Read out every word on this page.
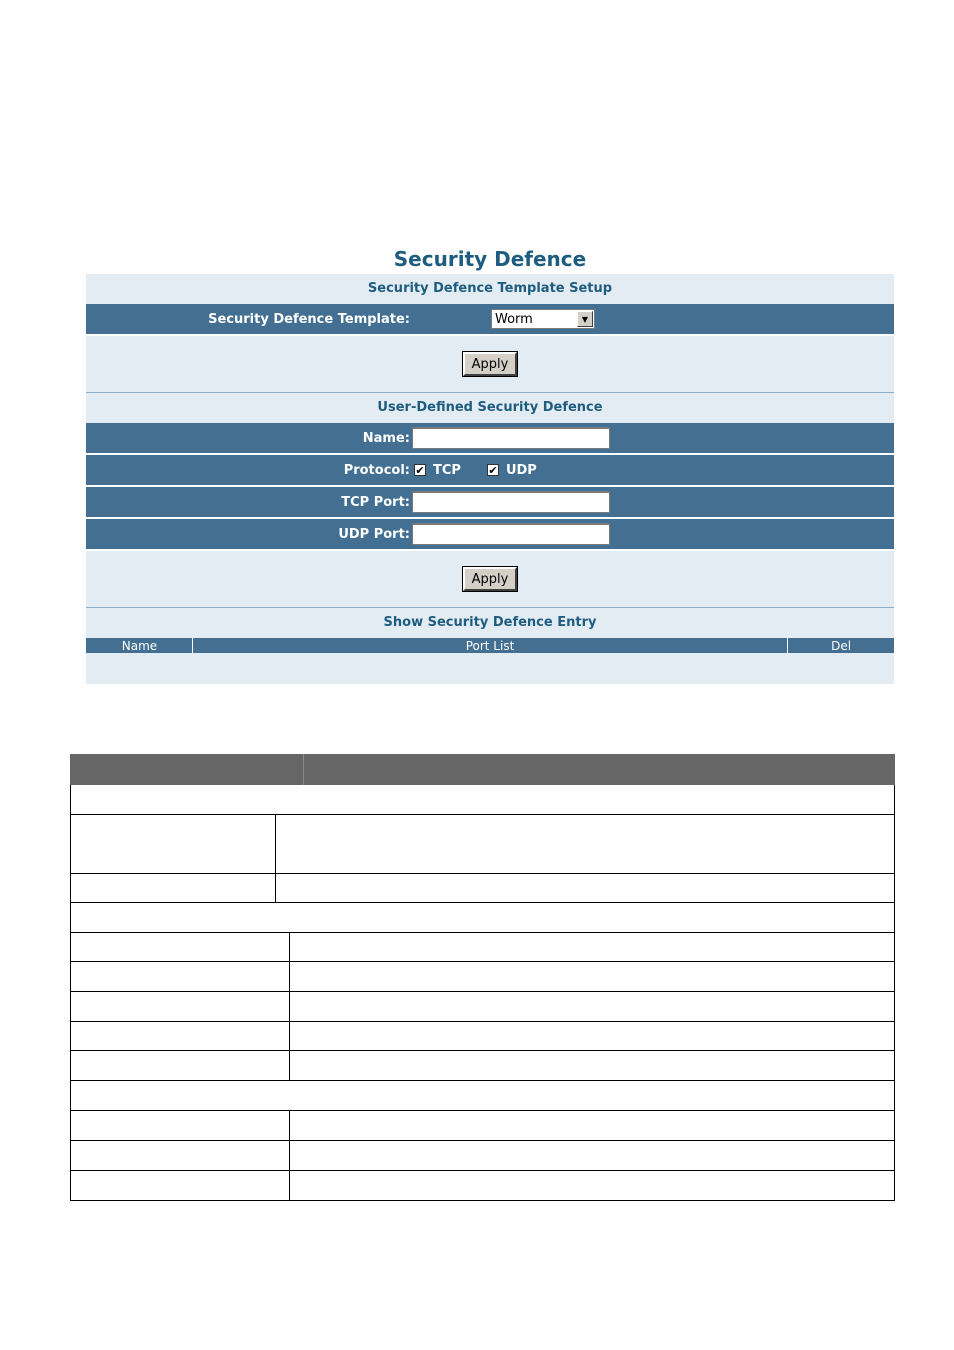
Security Defence
Security Defence Template Setup
Security Defence Template:	Worm	▼
Apply
User-Defined Security Defence
Name:
Protocol: ✔ TCP ✔ UDP
TCP Port:
UDP Port:
Apply
Show Security Defence Entry
Name	Port List	Del
